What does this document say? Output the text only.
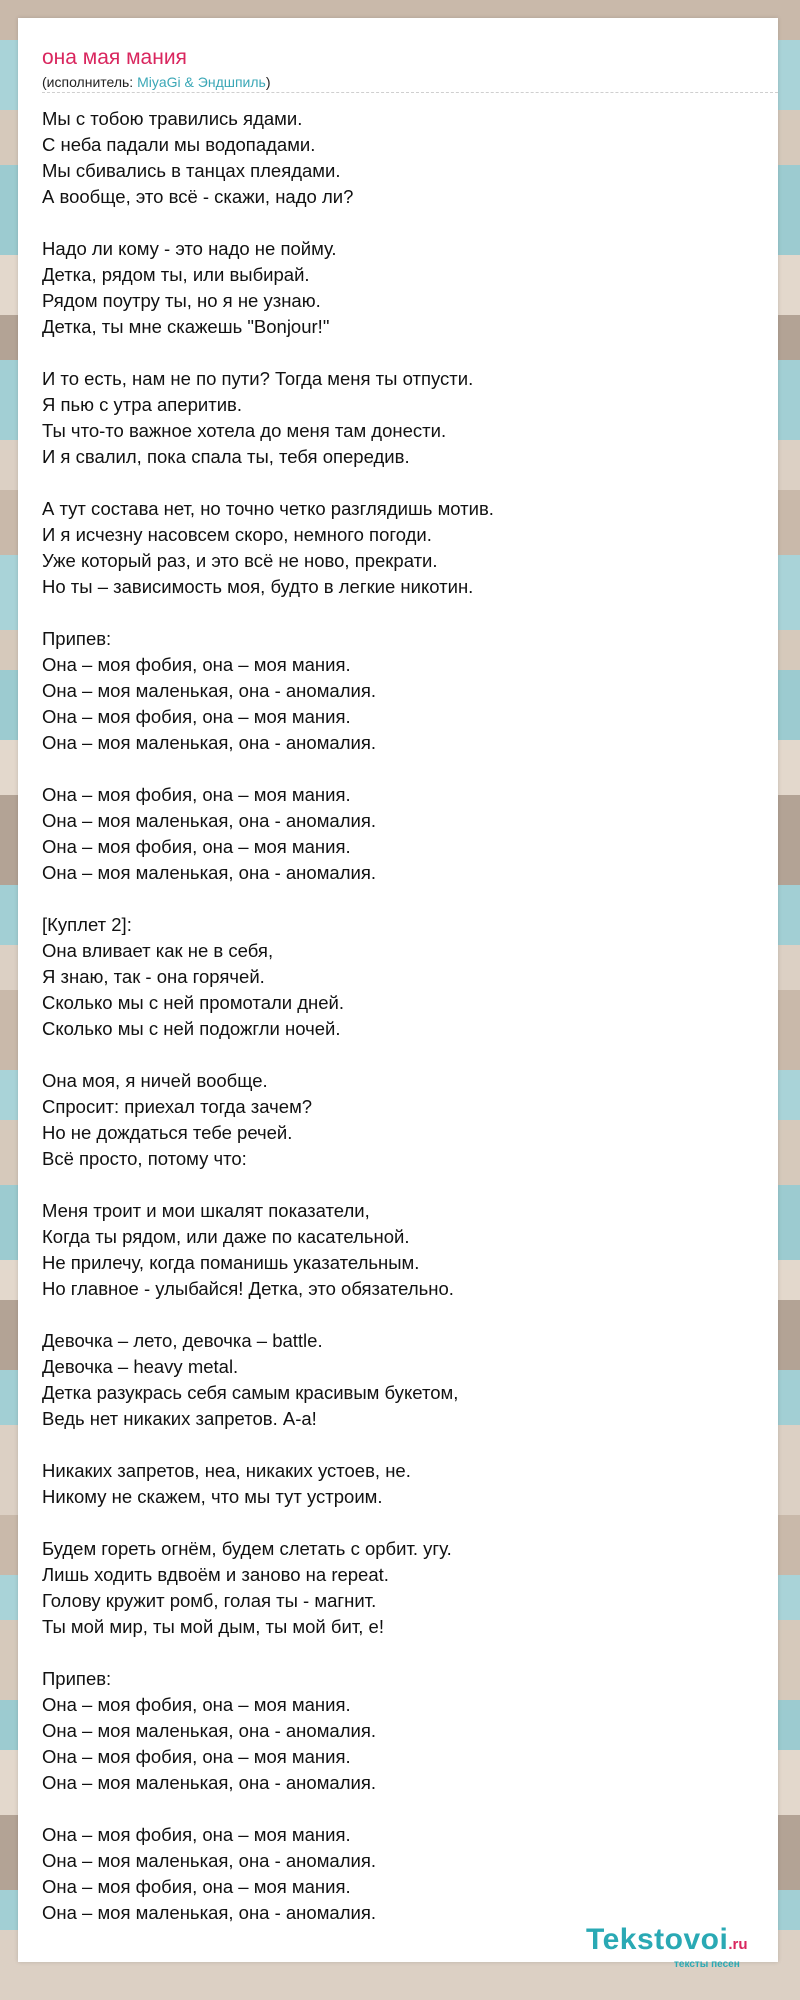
она мая мания
(исполнитель: MiyaGi & Эндшпиль)
Мы с тобою травились ядами.
С неба падали мы водопадами.
Мы сбивались в танцах плеядами.
А вообще, это всё - скажи, надо ли?
Надо ли кому - это надо не пойму.
Детка, рядом ты, или выбирай.
Рядом поутру ты, но я не узнаю.
Детка, ты мне скажешь "Bonjour!"
И то есть, нам не по пути? Тогда меня ты отпусти.
Я пью с утра аперитив.
Ты что-то важное хотела до меня там донести.
И я свалил, пока спала ты, тебя опередив.
А тут состава нет, но точно четко разглядишь мотив.
И я исчезну насовсем скоро, немного погоди.
Уже который раз, и это всё не ново, прекрати.
Но ты – зависимость моя, будто в легкие никотин.
Припев:
Она – моя фобия, она – моя мания.
Она – моя маленькая, она - аномалия.
Она – моя фобия, она – моя мания.
Она – моя маленькая, она - аномалия.
Она – моя фобия, она – моя мания.
Она – моя маленькая, она - аномалия.
Она – моя фобия, она – моя мания.
Она – моя маленькая, она - аномалия.
[Куплет 2]:
Она вливает как не в себя,
Я знаю, так - она горячей.
Сколько мы с ней промотали дней.
Сколько мы с ней подожгли ночей.
Она моя, я ничей вообще.
Спросит: приехал тогда зачем?
Но не дождаться тебе речей.
Всё просто, потому что:
Меня троит и мои шкалят показатели,
Когда ты рядом, или даже по касательной.
Не прилечу, когда поманишь указательным.
Но главное - улыбайся! Детка, это обязательно.
Девочка – лето, девочка – battle.
Девочка – heavy metal.
Детка разукрась себя самым красивым букетом,
Ведь нет никаких запретов. А-а!
Никаких запретов, неа, никаких устоев, не.
Никому не скажем, что мы тут устроим.
Будем гореть огнём, будем слетать с орбит. угу.
Лишь ходить вдвоём и заново на repeat.
Голову кружит ромб, голая ты - магнит.
Ты мой мир, ты мой дым, ты мой бит, е!
Припев:
Она – моя фобия, она – моя мания.
Она – моя маленькая, она - аномалия.
Она – моя фобия, она – моя мания.
Она – моя маленькая, она - аномалия.
Она – моя фобия, она – моя мания.
Она – моя маленькая, она - аномалия.
Она – моя фобия, она – моя мания.
Она – моя маленькая, она - аномалия.
Tekstovoi.ru
тексты песен
